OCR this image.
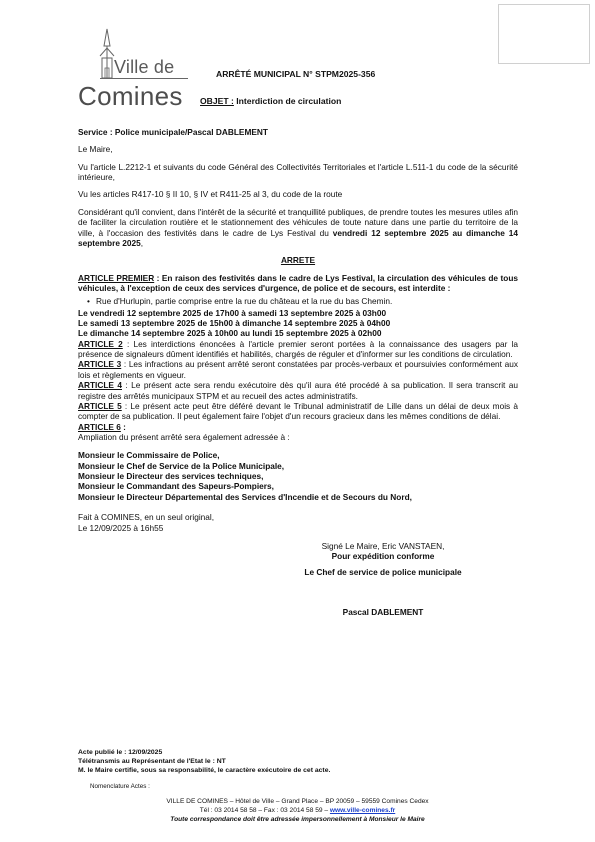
Ville de
Comines
ARRÊTÉ MUNICIPAL N° STPM2025-356
OBJET : Interdiction de circulation
Service : Police municipale/Pascal DABLEMENT
Le Maire,
Vu l'article L.2212-1 et suivants du code Général des Collectivités Territoriales et l'article L.511-1 du code de la sécurité intérieure,
Vu les articles R417-10 § II 10, § IV et R411-25 al 3, du code de la route
Considérant qu'il convient, dans l'intérêt de la sécurité et tranquillité publiques, de prendre toutes les mesures utiles afin de faciliter la circulation routière et le stationnement des véhicules de toute nature dans une partie du territoire de la ville, à l'occasion des festivités dans le cadre de Lys Festival du vendredi 12 septembre 2025 au dimanche 14 septembre 2025,
ARRETE
ARTICLE PREMIER : En raison des festivités dans le cadre de Lys Festival, la circulation des véhicules de tous véhicules, à l'exception de ceux des services d'urgence, de police et de secours, est interdite :
• Rue d'Hurlupin, partie comprise entre la rue du château et la rue du bas Chemin.
Le vendredi 12 septembre 2025 de 17h00 à samedi 13 septembre 2025 à 03h00
Le samedi 13 septembre 2025 de 15h00 à dimanche 14 septembre 2025 à 04h00
Le dimanche 14 septembre 2025 à 10h00 au lundi 15 septembre 2025 à 02h00
ARTICLE 2 : Les interdictions énoncées à l'article premier seront portées à la connaissance des usagers par la présence de signaleurs dûment identifiés et habilités, chargés de réguler et d'informer sur les conditions de circulation.
ARTICLE 3 : Les infractions au présent arrêté seront constatées par procès-verbaux et poursuivies conformément aux lois et règlements en vigueur.
ARTICLE 4 : Le présent acte sera rendu exécutoire dès qu'il aura été procédé à sa publication. Il sera transcrit au registre des arrêtés municipaux STPM et au recueil des actes administratifs.
ARTICLE 5 : Le présent acte peut être déféré devant le Tribunal administratif de Lille dans un délai de deux mois à compter de sa publication. Il peut également faire l'objet d'un recours gracieux dans les mêmes conditions de délai.
ARTICLE 6 :
Ampliation du présent arrêté sera également adressée à :
Monsieur le Commissaire de Police,
Monsieur le Chef de Service de la Police Municipale,
Monsieur le Directeur des services techniques,
Monsieur le Commandant des Sapeurs-Pompiers,
Monsieur le Directeur Départemental des Services d'Incendie et de Secours du Nord,
Fait à COMINES, en un seul original,
Le 12/09/2025 à 16h55
Signé Le Maire, Eric VANSTAEN,
Pour expédition conforme
Le Chef de service de police municipale
Pascal DABLEMENT
Acte publié le : 12/09/2025
Télétransmis au Représentant de l'Etat le : NT
M. le Maire certifie, sous sa responsabilité, le caractère exécutoire de cet acte.
Nomenclature Actes :
VILLE DE COMINES – Hôtel de Ville – Grand Place – BP 20059 – 59559 Comines Cedex
Tél : 03 2014 58 58 – Fax : 03 2014 58 59 – www.ville-comines.fr
Toute correspondance doit être adressée impersonnellement à Monsieur le Maire
